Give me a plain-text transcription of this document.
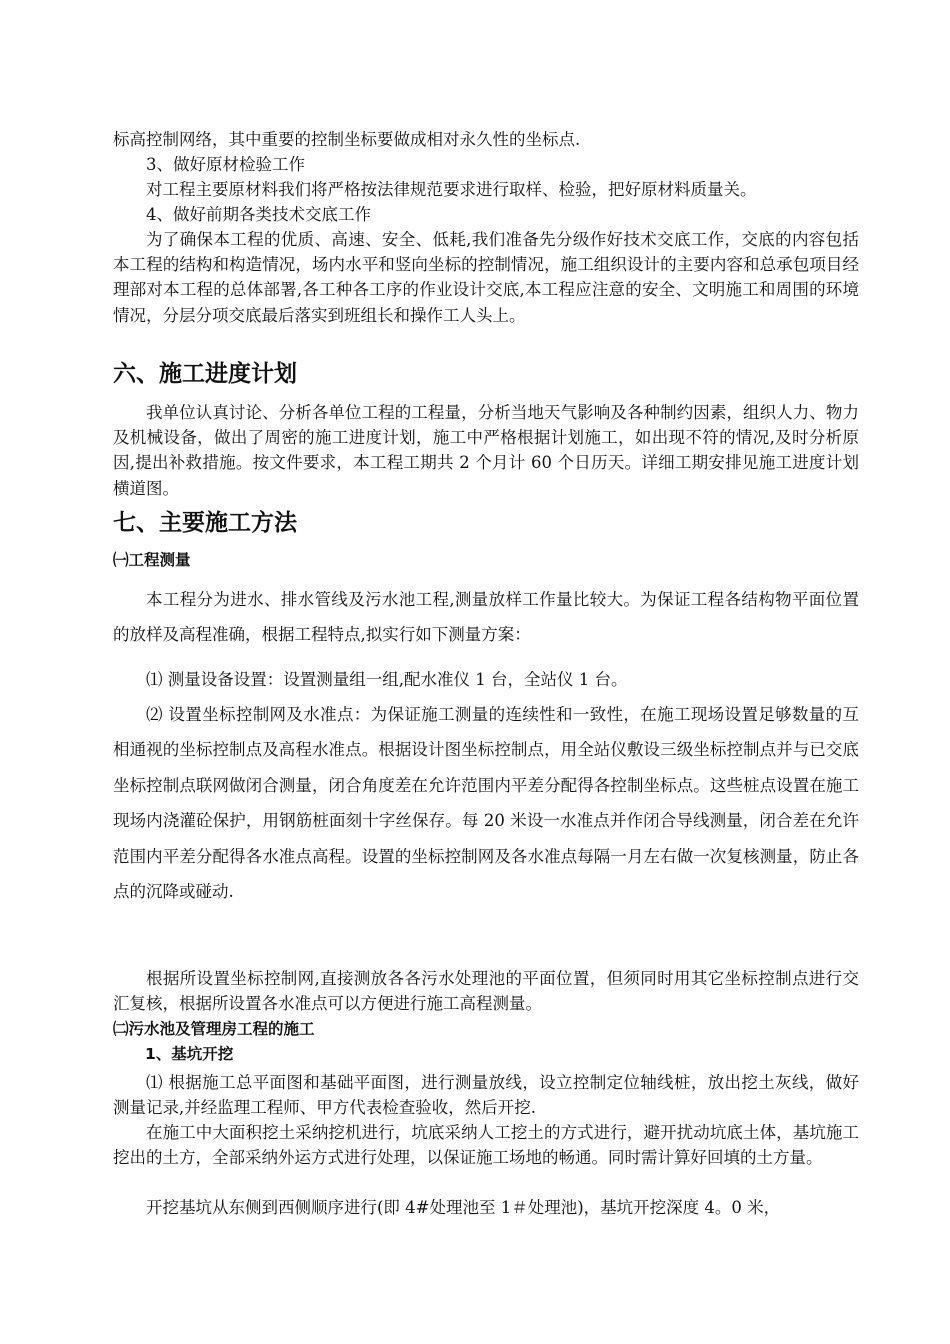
标高控制网络，其中重要的控制坐标要做成相对永久性的坐标点.

3、做好原材检验工作

对工程主要原材料我们将严格按法律规范要求进行取样、检验，把好原材料质量关。

4、做好前期各类技术交底工作

为了确保本工程的优质、高速、安全、低耗,我们准备先分级作好技术交底工作，交底的内容包括本工程的结构和构造情况，场内水平和竖向坐标的控制情况，施工组织设计的主要内容和总承包项目经理部对本工程的总体部署,各工种各工序的作业设计交底,本工程应注意的安全、文明施工和周围的环境情况，分层分项交底最后落实到班组长和操作工人头上。

六、施工进度计划

我单位认真讨论、分析各单位工程的工程量，分析当地天气影响及各种制约因素，组织人力、物力及机械设备，做出了周密的施工进度计划，施工中严格根据计划施工，如出现不符的情况,及时分析原因,提出补救措施。按文件要求，本工程工期共 2 个月计 60 个日历天。详细工期安排见施工进度计划横道图。

七、主要施工方法
㈠工程测量

本工程分为进水、排水管线及污水池工程,测量放样工作量比较大。为保证工程各结构物平面位置的放样及高程准确，根据工程特点,拟实行如下测量方案：

⑴ 测量设备设置：设置测量组一组,配水准仪 1 台，全站仪 1 台。

⑵ 设置坐标控制网及水准点：为保证施工测量的连续性和一致性，在施工现场设置足够数量的互相通视的坐标控制点及高程水准点。根据设计图坐标控制点，用全站仪敷设三级坐标控制点并与已交底坐标控制点联网做闭合测量，闭合角度差在允许范围内平差分配得各控制坐标点。这些桩点设置在施工现场内浇灌砼保护，用钢筋桩面刻十字丝保存。每 20 米设一水准点并作闭合导线测量，闭合差在允许范围内平差分配得各水准点高程。设置的坐标控制网及各水准点每隔一月左右做一次复核测量，防止各点的沉降或碰动.

根据所设置坐标控制网,直接测放各各污水处理池的平面位置，但须同时用其它坐标控制点进行交汇复核，根据所设置各水准点可以方便进行施工高程测量。

㈡污水池及管理房工程的施工
1、基坑开挖

⑴ 根据施工总平面图和基础平面图，进行测量放线，设立控制定位轴线桩，放出挖土灰线，做好测量记录,并经监理工程师、甲方代表检查验收，然后开挖.

在施工中大面积挖土采纳挖机进行，坑底采纳人工挖土的方式进行，避开扰动坑底土体，基坑施工挖出的土方，全部采纳外运方式进行处理，以保证施工场地的畅通。同时需计算好回填的土方量。

开挖基坑从东侧到西侧顺序进行(即 4#处理池至 1＃处理池)，基坑开挖深度 4。0 米，
